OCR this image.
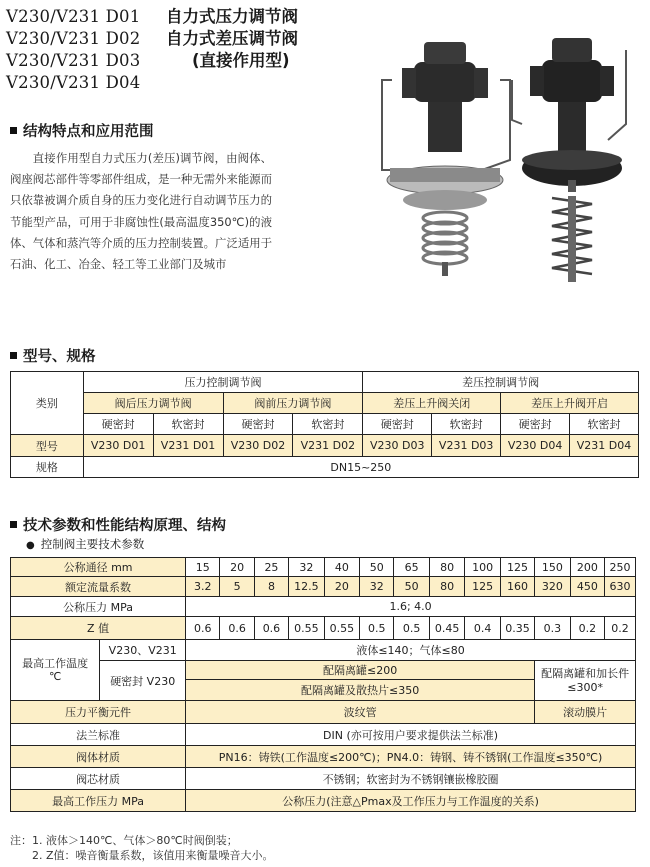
V230/V231 D01
V230/V231 D02
V230/V231 D03
V230/V231 D04
自力式压力调节阀
自力式差压调节阀
(直接作用型)
结构特点和应用范围
直接作用型自力式压力(差压)调节阀，由阀体、阀座阀芯部件等零部件组成，是一种无需外来能源而只依靠被调介质自身的压力变化进行自动调节压力的节能型产品，可用于非腐蚀性(最高温度350℃)的液体、气体和蒸汽等介质的压力控制装置。广泛适用于石油、化工、冶金、轻工等工业部门及城市
型号、规格
类别	压力控制调节阀				差压控制调节阀			
	阀后压力调节阀		阀前压力调节阀		差压上升阀关闭		差压上升阀开启	
	硬密封	软密封	硬密封	软密封	硬密封	软密封	硬密封	软密封
型号	V230 D01	V231 D01	V230 D02	V231 D02	V230 D03	V231 D03	V230 D04	V231 D04
规格	DN15~250							
技术参数和性能结构原理、结构
● 控制阀主要技术参数
公称通径 mm		15	20	25	32	40	50	65	80	100	125	150	200	250
额定流量系数		3.2	5	8	12.5	20	32	50	80	125	160	320	450	630
公称压力 MPa		1.6; 4.0												
Z 值		0.6	0.6	0.6	0.55	0.55	0.5	0.5	0.45	0.4	0.35	0.3	0.2	0.2
最高工作温度 ℃	V230、V231	液体≤140；气体≤80												
	硬密封 V230	配隔离罐≤200										配隔离罐和加长件≤300*		
		配隔离罐及散热片≤350												
压力平衡元件		波纹管										滚动膜片		
法兰标准		DIN (亦可按用户要求提供法兰标准)												
阀体材质		PN16：铸铁(工作温度≤200℃)；PN4.0：铸钢、铸不锈钢(工作温度≤350℃)												
阀芯材质		不锈钢；软密封为不锈钢镶嵌橡胶圈												
最高工作压力 MPa		公称压力(注意△Pmax及工作压力与工作温度的关系)												
注：1. 液体＞140℃、气体＞80℃时阀倒装；
2. Z值：噪音衡量系数，该值用来衡量噪音大小。
